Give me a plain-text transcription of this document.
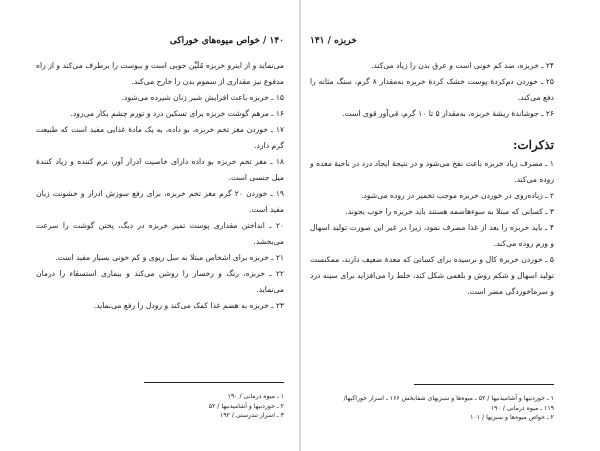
۱۴۰ / خواص میوه‌های خوراکی

می‌نماید و از اینرو خربزه مُلَیِّن خوبی است و یبوست را برطرف می‌کند و از راه مدفوع نیز مقداری از سموم بدن را خارج می‌کند.

۱۵ ـ خربزه باعث افزایش شیر زنان شیرده می‌شود.

۱۶ ـ مرهم گوشت خربزه برای تسکین درد و تورم چشم بکار می‌رود.

۱۷ ـ خوردن مغز تخم خربزه، بو داده، به یک مادهٔ غذایی مفید است که طبیعت گرم دارد.

۱۸ ـ مغز تخم خربزه بو داده دارای خاصیت ادرار آور، نرم کننده و زیاد کنندهٔ میل جنسی است.

۱۹ ـ خوردن ۲۰ گرم مغز تخم خربزه، برای رفع سوزش ادرار و خشونت زبان مفید است.

۲۰ ـ انداختن مقداری پوست تمیز خربزه در دیگ، پختن گوشت را سرعت می‌بخشد.

۲۱ ـ خربزه برای اشخاص مبتلا به سل ریوی و کم خونی بسیار مفید است.

۲۲ ـ خربزه، رنگ و رخسار را روشن می‌کند و بیماری استسقاء را درمان می‌نماید.

۲۳ ـ خربزه به هضم غذا کمک می‌کند و رودل را رفع می‌نماید.

۱ ـ میوه درمانی / ۱۹۰
۲ ـ خوردنیها و آشامیدنیها / ۵۲
۳ ـ اسرار تندرستی / ۱۹۲
خربزه / ۱۴۱

۲۴ ـ خربزه، ضد کم خونی است و عرق بدن را زیاد می‌کند.

۲۵ ـ خوردن دم‌کردهٔ پوست خشک کردهٔ خربزه به‌مقدار ۸ گرم، سنگ مثانه را دفع می‌کند.

۲۶ ـ جوشاندهٔ ریشهٔ خربزه، به‌مقدار ۵ تا ۱۰ گرم، قی‌آور قوی است.

تذکرات:

۱ ـ مصرف زیاد خربزه باعث نفخ می‌شود و در نتیجهٔ ایجاد درد در ناحیهٔ معده و روده می‌کند.

۲ ـ زیاده‌روی در خوردن خربزه موجب تخمیر در روده می‌شود.

۳ ـ کسانی که مبتلا به سوءهاضمه هستند باید خربزه را خوب بجوند.

۴ ـ باید خربزه را بعد از غذا مصرف نمود، زیرا در غیر این صورت تولید اسهال و ورم روده می‌کند.

۵ ـ خوردن خربزهٔ کال و نرسیده برای کسانی که معدهٔ ضعیف دارند، ممکنست تولید اسهال و شکم روش و بلغمی شکل کند، خلط را می‌افزاید برای سینه درد و سرماخوردگی مضر است.

۱ ـ خوردنیها و آشامیدنیها / ۵۲ ـ میوه‌ها و سبزیهای شفابخش ۱۶۶ ـ اسرار خوراکیها/
۱۱۹ ـ میوه درمانی / ۱۹۰
۲ ـ خواص میوه‌ها و سبزیها / ۱۰۱
